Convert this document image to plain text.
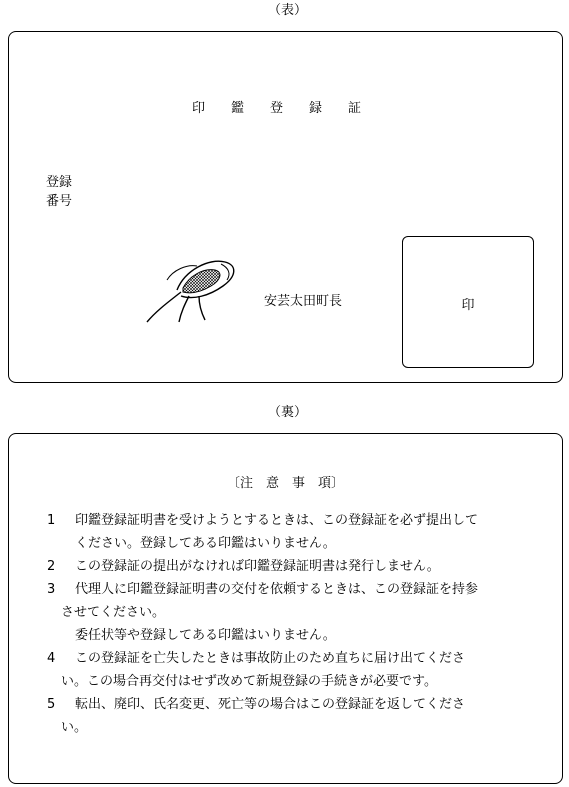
（表）
印　　鑑　　登　　録　　証
登録
番号
安芸太田町長	印
（裏）
〔注　意　事　項〕
1 印鑑登録証明書を受けようとするときは、この登録証を必ず提出して
ください。登録してある印鑑はいりません。
2 この登録証の提出がなければ印鑑登録証明書は発行しません。
3 代理人に印鑑登録証明書の交付を依頼するときは、この登録証を持参
させてください。
委任状等や登録してある印鑑はいりません。
4 この登録証を亡失したときは事故防止のため直ちに届け出てくださ
い。この場合再交付はせず改めて新規登録の手続きが必要です。
5 転出、廃印、氏名変更、死亡等の場合はこの登録証を返してくださ
い。
